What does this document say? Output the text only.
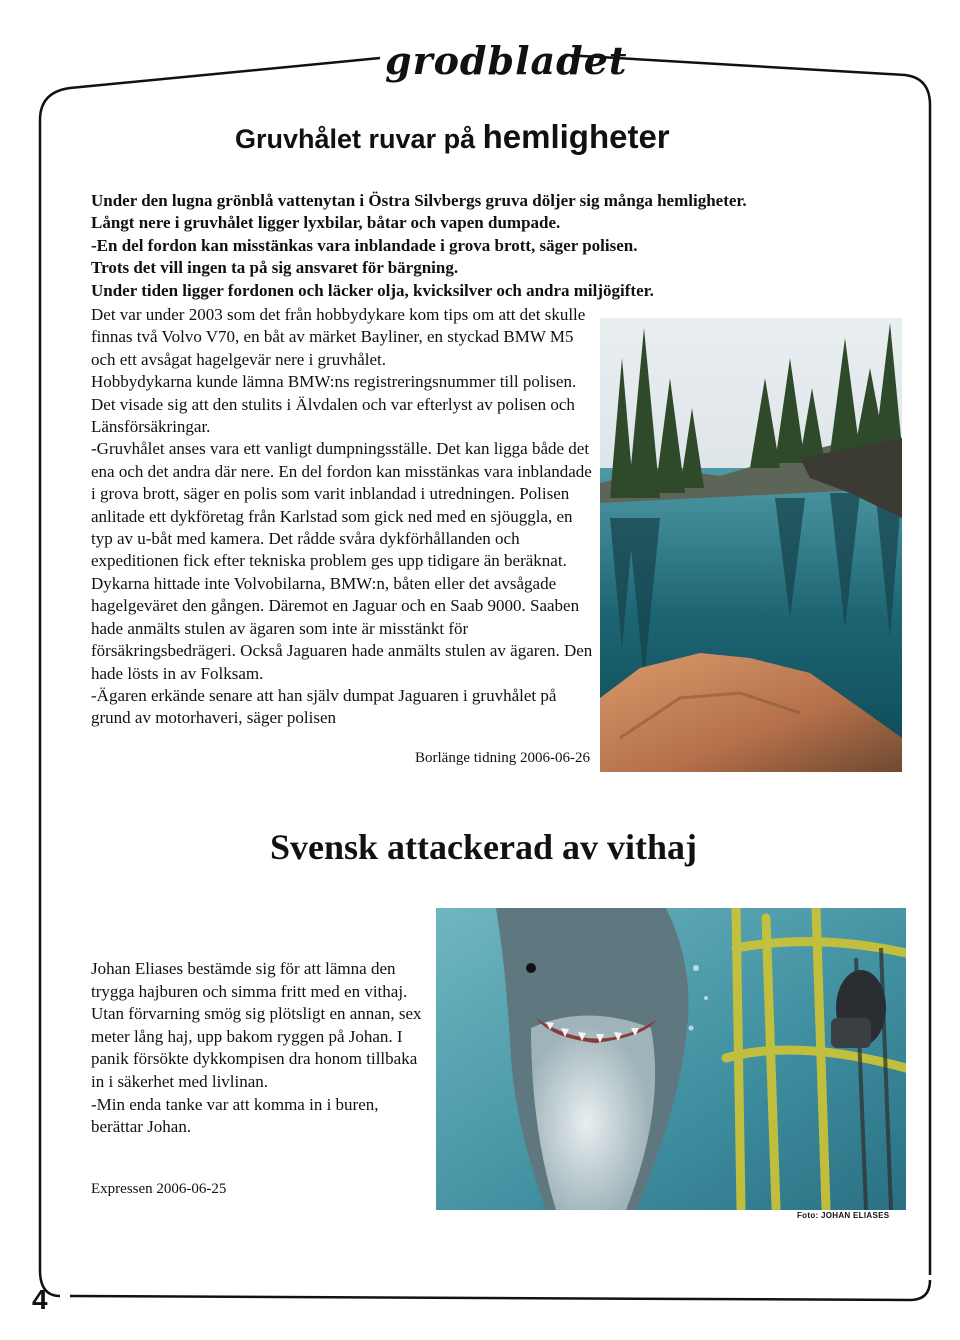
grodbladet
4
Gruvhålet ruvar på hemligheter

Under den lugna grönblå vattenytan i Östra Silvbergs gruva döljer sig många hemligheter.

Långt nere i gruvhålet ligger lyxbilar, båtar och vapen dumpade.

-En del fordon kan misstänkas vara inblandade i grova brott, säger polisen.

Trots det vill ingen ta på sig ansvaret för bärgning.

Under tiden ligger fordonen och läcker olja, kvicksilver och andra miljögifter.

Det var under 2003 som det från hobbydykare kom tips om att det skulle finnas två Volvo V70, en båt av märket Bayliner, en styckad BMW M5 och ett avsågat hagelgevär nere i gruvhålet.

Hobbydykarna kunde lämna BMW:ns registreringsnummer till polisen. Det visade sig att den stulits i Älvdalen och var efterlyst av polisen och Länsförsäkringar.

-Gruvhålet anses vara ett vanligt dumpningsställe. Det kan ligga både det ena och det andra där nere. En del fordon kan misstänkas vara inblandade i grova brott, säger en polis som varit inblandad i utredningen. Polisen anlitade ett dykföretag från Karlstad som gick ned med en sjöuggla, en typ av u-båt med kamera. Det rådde svåra dykförhållanden och expeditionen fick efter tekniska problem ges upp tidigare än beräknat.

Dykarna hittade inte Volvobilarna, BMW:n, båten eller det avsågade hagelgeväret den gången. Däremot en Jaguar och en Saab 9000. Saaben hade anmälts stulen av ägaren som inte är misstänkt för försäkringsbedrägeri. Också Jaguaren hade anmälts stulen av ägaren. Den hade lösts in av Folksam.

-Ägaren erkände senare att han själv dumpat Jaguaren i gruvhålet på grund av motorhaveri, säger polisen

Borlänge tidning 2006-06-26
Svensk attackerad av vithaj

Johan Eliases bestämde sig för att lämna den trygga hajburen och simma fritt med en vithaj. Utan förvarning smög sig plötsligt en annan, sex meter lång haj, upp bakom ryggen på Johan. I panik försökte dykkompisen dra honom tillbaka in i säkerhet med livlinan.

-Min enda tanke var att komma in i buren, berättar Johan.

Expressen 2006-06-25
Foto: JOHAN ELIASES
